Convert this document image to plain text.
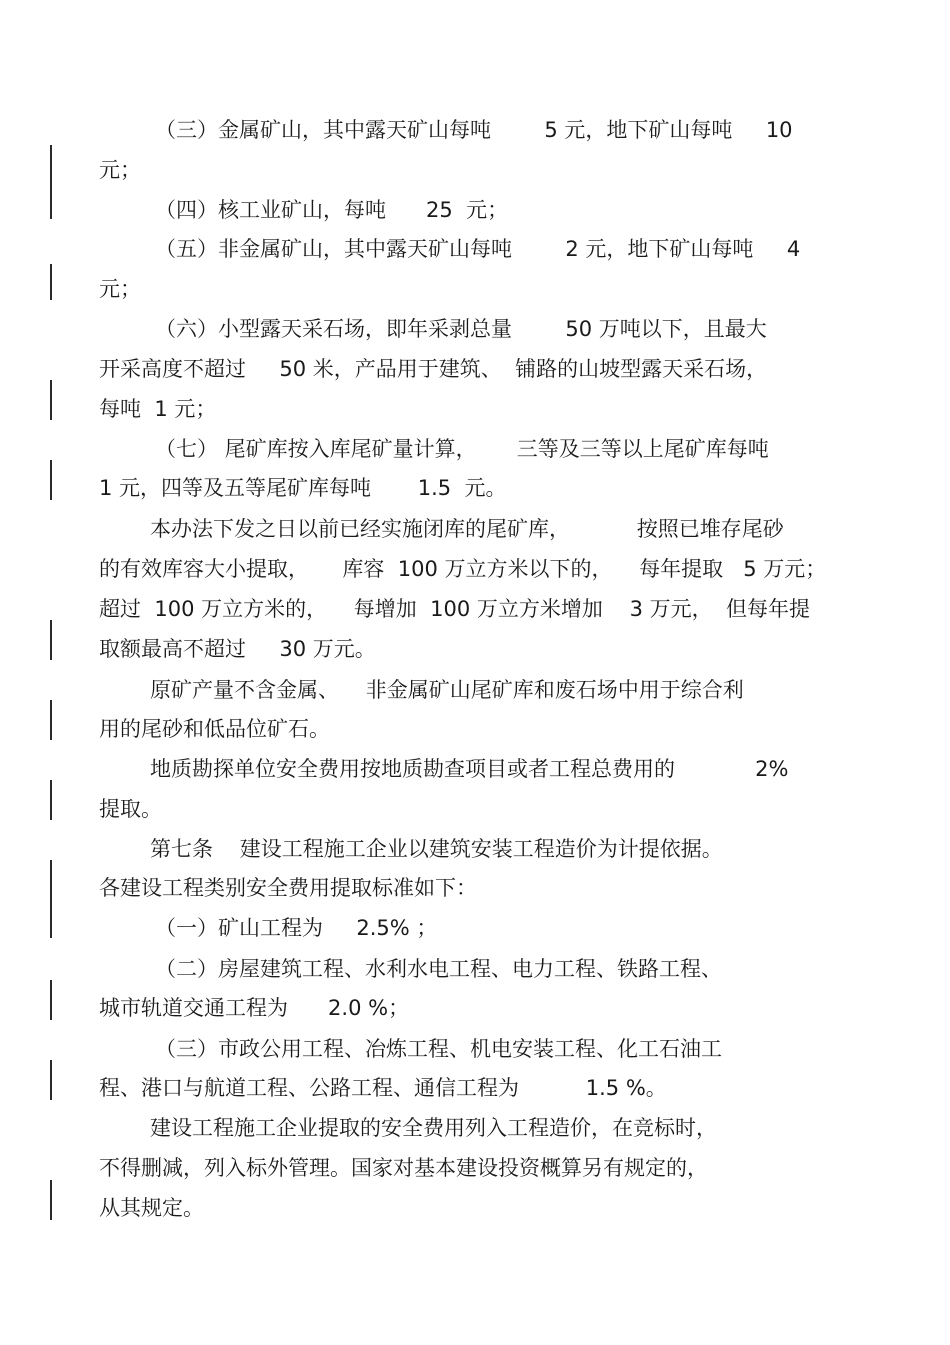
（三）金属矿山，其中露天矿山每吨        5 元，地下矿山每吨     10

元；

（四）核工业矿山，每吨      25  元；

（五）非金属矿山，其中露天矿山每吨        2 元，地下矿山每吨     4

元；

（六）小型露天采石场，即年采剥总量        50 万吨以下，且最大

开采高度不超过     50 米，产品用于建筑、  铺路的山坡型露天采石场，

每吨  1 元；

（七） 尾矿库按入库尾矿量计算，      三等及三等以上尾矿库每吨

1 元，四等及五等尾矿库每吨       1.5  元。

本办法下发之日以前已经实施闭库的尾矿库，          按照已堆存尾砂

的有效库容大小提取，     库容  100 万立方米以下的，    每年提取   5 万元；

超过  100 万立方米的，    每增加  100 万立方米增加    3 万元，  但每年提

取额最高不超过     30 万元。

原矿产量不含金属、    非金属矿山尾矿库和废石场中用于综合利

用的尾砂和低品位矿石。

地质勘探单位安全费用按地质勘查项目或者工程总费用的            2%

提取。

第七条    建设工程施工企业以建筑安装工程造价为计提依据。

各建设工程类别安全费用提取标准如下：

（一）矿山工程为     2.5% ；

（二）房屋建筑工程、水利水电工程、电力工程、铁路工程、

城市轨道交通工程为      2.0 %；

（三）市政公用工程、冶炼工程、机电安装工程、化工石油工

程、港口与航道工程、公路工程、通信工程为          1.5 %。

建设工程施工企业提取的安全费用列入工程造价，在竞标时，

不得删减，列入标外管理。国家对基本建设投资概算另有规定的，

从其规定。
